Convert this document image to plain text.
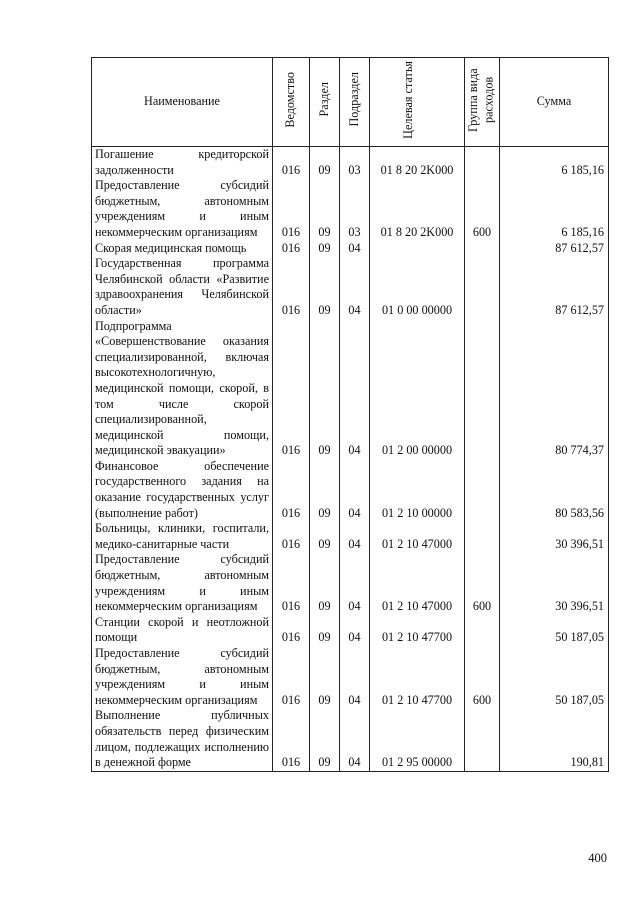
Наименование	Ведомство	Раздел	Подраздел	Целевая статья	Группа вида расходов	Сумма
Погашение кредиторской задолженности	016	09	03	01 8 20 2K000		6 185,16
Предоставление субсидий бюджетным, автономным учреждениям и иным некоммерческим организациям	016	09	03	01 8 20 2K000	600	6 185,16
Скорая медицинская помощь	016	09	04			87 612,57
Государственная программа Челябинской области «Развитие здравоохранения Челябинской области»	016	09	04	01 0 00 00000		87 612,57
Подпрограмма «Совершенствование оказания специализированной, включая высокотехнологичную, медицинской помощи, скорой, в том числе скорой специализированной, медицинской помощи, медицинской эвакуации»	016	09	04	01 2 00 00000		80 774,37
Финансовое обеспечение государственного задания на оказание государственных услуг (выполнение работ)	016	09	04	01 2 10 00000		80 583,56
Больницы, клиники, госпитали, медико-санитарные части	016	09	04	01 2 10 47000		30 396,51
Предоставление субсидий бюджетным, автономным учреждениям и иным некоммерческим организациям	016	09	04	01 2 10 47000	600	30 396,51
Станции скорой и неотложной помощи	016	09	04	01 2 10 47700		50 187,05
Предоставление субсидий бюджетным, автономным учреждениям и иным некоммерческим организациям	016	09	04	01 2 10 47700	600	50 187,05
Выполнение публичных обязательств перед физическим лицом, подлежащих исполнению в денежной форме	016	09	04	01 2 95 00000		190,81
400
